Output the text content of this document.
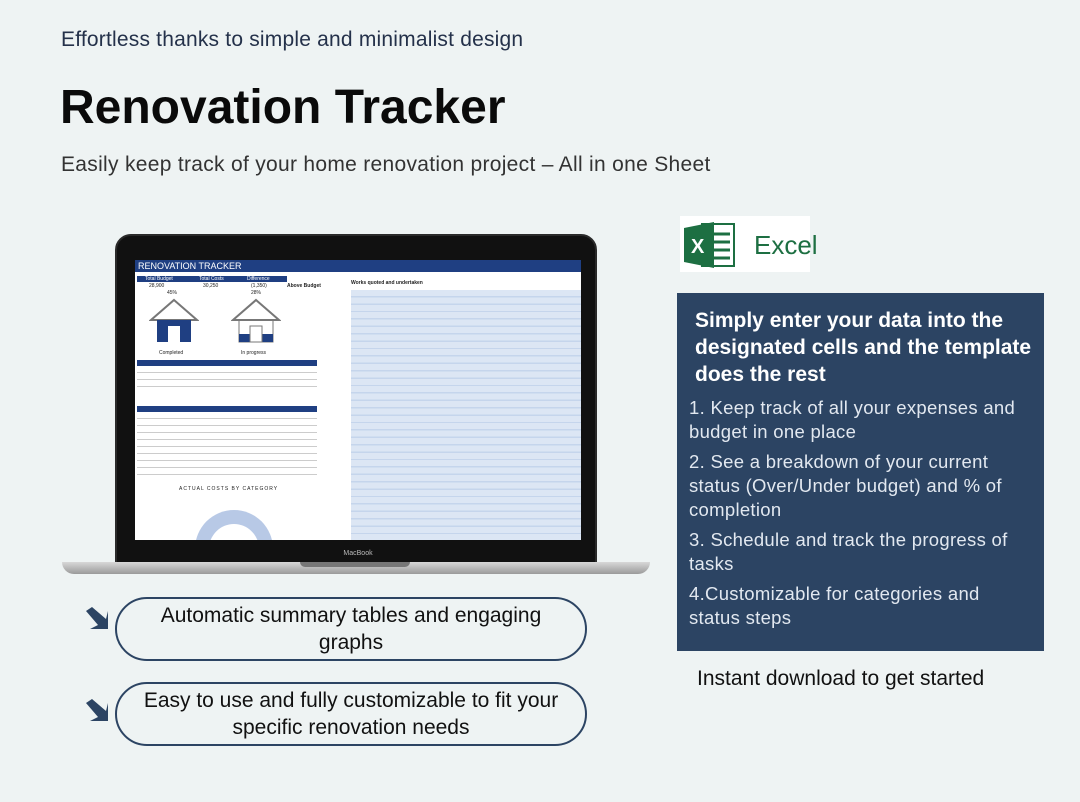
Effortless thanks to simple and minimalist design
Renovation Tracker
Easily keep track of your home renovation project – All in one Sheet
RENOVATION TRACKER
Total Budget	Total Costs	Difference
28,900	30,250	(1,350)	Above Budget
45%	28%
Completed	In progress
ACTUAL COSTS BY CATEGORY
Works quoted and undertaken
MacBook
X Excel
Simply enter your data into the designated cells and the template does the rest

1. Keep track of all your expenses and budget in one place

2. See a breakdown of your current status (Over/Under budget) and % of completion

3. Schedule and track the progress of tasks

4.Customizable for categories and status steps

Instant download to get started
Automatic summary tables and engaging graphs
Easy to use and fully customizable to fit your specific renovation needs
